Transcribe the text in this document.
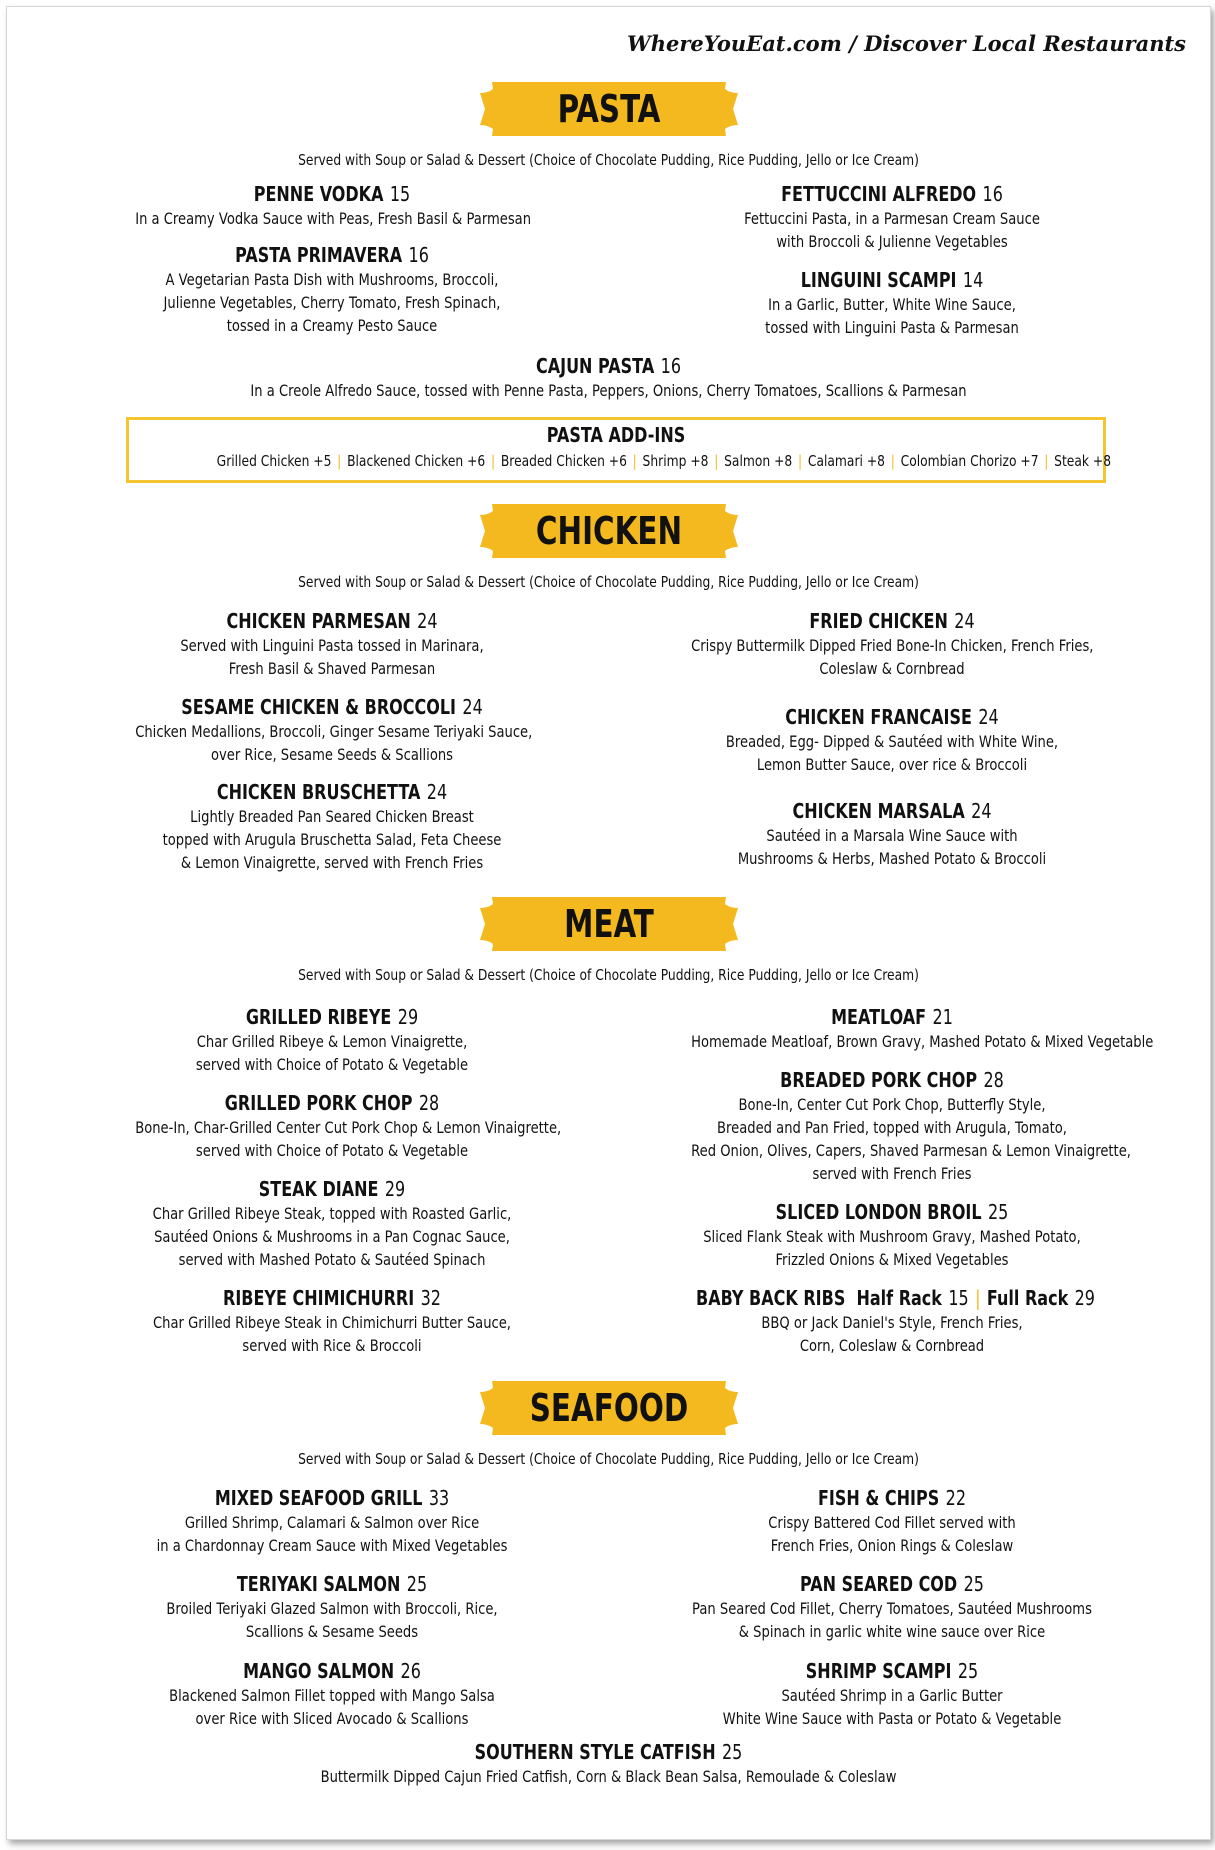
WhereYouEat.com / Discover Local Restaurants
PASTA
Served with Soup or Salad & Dessert (Choice of Chocolate Pudding, Rice Pudding, Jello or Ice Cream)
PENNE VODKA 15
In a Creamy Vodka Sauce with Peas, Fresh Basil & Parmesan
PASTA PRIMAVERA 16
A Vegetarian Pasta Dish with Mushrooms, Broccoli,
Julienne Vegetables, Cherry Tomato, Fresh Spinach,
tossed in a Creamy Pesto Sauce
FETTUCCINI ALFREDO 16
Fettuccini Pasta, in a Parmesan Cream Sauce
with Broccoli & Julienne Vegetables
LINGUINI SCAMPI 14
In a Garlic, Butter, White Wine Sauce,
tossed with Linguini Pasta & Parmesan
CAJUN PASTA 16
In a Creole Alfredo Sauce, tossed with Penne Pasta, Peppers, Onions, Cherry Tomatoes, Scallions & Parmesan
PASTA ADD-INS
Grilled Chicken +5 | Blackened Chicken +6 | Breaded Chicken +6 | Shrimp +8 | Salmon +8 | Calamari +8 | Colombian Chorizo +7 | Steak +8
CHICKEN
Served with Soup or Salad & Dessert (Choice of Chocolate Pudding, Rice Pudding, Jello or Ice Cream)
CHICKEN PARMESAN 24
Served with Linguini Pasta tossed in Marinara,
Fresh Basil & Shaved Parmesan
SESAME CHICKEN & BROCCOLI 24
Chicken Medallions, Broccoli, Ginger Sesame Teriyaki Sauce,
over Rice, Sesame Seeds & Scallions
CHICKEN BRUSCHETTA 24
Lightly Breaded Pan Seared Chicken Breast
topped with Arugula Bruschetta Salad, Feta Cheese
& Lemon Vinaigrette, served with French Fries
FRIED CHICKEN 24
Crispy Buttermilk Dipped Fried Bone-In Chicken, French Fries,
Coleslaw & Cornbread
CHICKEN FRANCAISE 24
Breaded, Egg- Dipped & Sautéed with White Wine,
Lemon Butter Sauce, over rice & Broccoli
CHICKEN MARSALA 24
Sautéed in a Marsala Wine Sauce with
Mushrooms & Herbs, Mashed Potato & Broccoli
MEAT
Served with Soup or Salad & Dessert (Choice of Chocolate Pudding, Rice Pudding, Jello or Ice Cream)
GRILLED RIBEYE 29
Char Grilled Ribeye & Lemon Vinaigrette,
served with Choice of Potato & Vegetable
GRILLED PORK CHOP 28
Bone-In, Char-Grilled Center Cut Pork Chop & Lemon Vinaigrette,
served with Choice of Potato & Vegetable
STEAK DIANE 29
Char Grilled Ribeye Steak, topped with Roasted Garlic,
Sautéed Onions & Mushrooms in a Pan Cognac Sauce,
served with Mashed Potato & Sautéed Spinach
RIBEYE CHIMICHURRI 32
Char Grilled Ribeye Steak in Chimichurri Butter Sauce,
served with Rice & Broccoli
MEATLOAF 21
Homemade Meatloaf, Brown Gravy, Mashed Potato & Mixed Vegetable
BREADED PORK CHOP 28
Bone-In, Center Cut Pork Chop, Butterfly Style,
Breaded and Pan Fried, topped with Arugula, Tomato,
Red Onion, Olives, Capers, Shaved Parmesan & Lemon Vinaigrette,
served with French Fries
SLICED LONDON BROIL 25
Sliced Flank Steak with Mushroom Gravy, Mashed Potato,
Frizzled Onions & Mixed Vegetables
BABY BACK RIBS Half Rack 15 | Full Rack 29
BBQ or Jack Daniel's Style, French Fries,
Corn, Coleslaw & Cornbread
SEAFOOD
Served with Soup or Salad & Dessert (Choice of Chocolate Pudding, Rice Pudding, Jello or Ice Cream)
MIXED SEAFOOD GRILL 33
Grilled Shrimp, Calamari & Salmon over Rice
in a Chardonnay Cream Sauce with Mixed Vegetables
TERIYAKI SALMON 25
Broiled Teriyaki Glazed Salmon with Broccoli, Rice,
Scallions & Sesame Seeds
MANGO SALMON 26
Blackened Salmon Fillet topped with Mango Salsa
over Rice with Sliced Avocado & Scallions
FISH & CHIPS 22
Crispy Battered Cod Fillet served with
French Fries, Onion Rings & Coleslaw
PAN SEARED COD 25
Pan Seared Cod Fillet, Cherry Tomatoes, Sautéed Mushrooms
& Spinach in garlic white wine sauce over Rice
SHRIMP SCAMPI 25
Sautéed Shrimp in a Garlic Butter
White Wine Sauce with Pasta or Potato & Vegetable
SOUTHERN STYLE CATFISH 25
Buttermilk Dipped Cajun Fried Catfish, Corn & Black Bean Salsa, Remoulade & Coleslaw
